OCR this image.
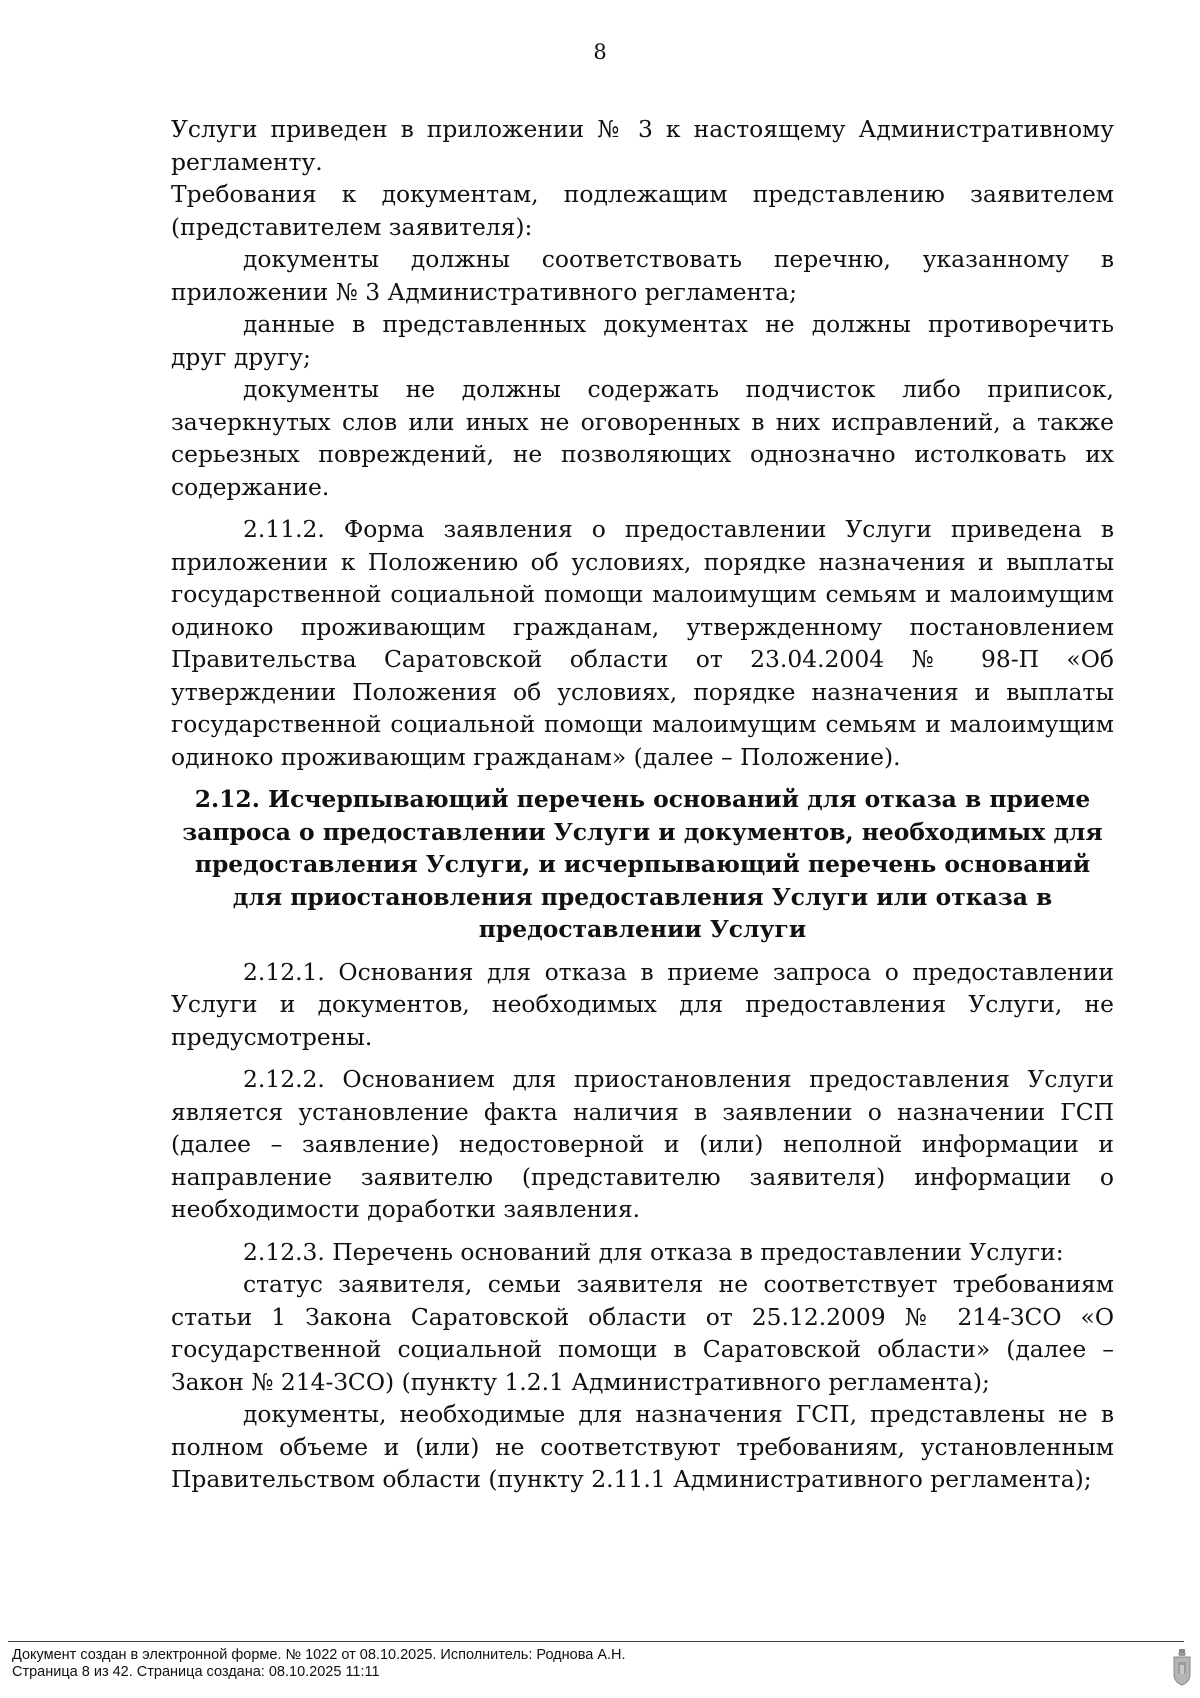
8

Услуги приведен в приложении № 3 к настоящему Административному регламенту.

Требования к документам, подлежащим представлению заявителем (представителем заявителя):

документы должны соответствовать перечню, указанному в приложении № 3 Административного регламента;

данные в представленных документах не должны противоречить друг другу;

документы не должны содержать подчисток либо приписок, зачеркнутых слов или иных не оговоренных в них исправлений, а также серьезных повреждений, не позволяющих однозначно истолковать их содержание.

2.11.2. Форма заявления о предоставлении Услуги приведена в приложении к Положению об условиях, порядке назначения и выплаты государственной социальной помощи малоимущим семьям и малоимущим одиноко проживающим гражданам, утвержденному постановлением Правительства Саратовской области от 23.04.2004 № 98-П «Об утверждении Положения об условиях, порядке назначения и выплаты государственной социальной помощи малоимущим семьям и малоимущим одиноко проживающим гражданам» (далее – Положение).

2.12. Исчерпывающий перечень оснований для отказа в приеме запроса о предоставлении Услуги и документов, необходимых для предоставления Услуги, и исчерпывающий перечень оснований для приостановления предоставления Услуги или отказа в предоставлении Услуги

2.12.1. Основания для отказа в приеме запроса о предоставлении Услуги и документов, необходимых для предоставления Услуги, не предусмотрены.

2.12.2. Основанием для приостановления предоставления Услуги является установление факта наличия в заявлении о назначении ГСП (далее – заявление) недостоверной и (или) неполной информации и направление заявителю (представителю заявителя) информации о необходимости доработки заявления.

2.12.3. Перечень оснований для отказа в предоставлении Услуги:

статус заявителя, семьи заявителя не соответствует требованиям статьи 1 Закона Саратовской области от 25.12.2009 № 214-ЗСО «О государственной социальной помощи в Саратовской области» (далее – Закон № 214-ЗСО) (пункту 1.2.1 Административного регламента);

документы, необходимые для назначения ГСП, представлены не в полном объеме и (или) не соответствуют требованиям, установленным Правительством области (пункту 2.11.1 Административного регламента);

Документ создан в электронной форме. № 1022 от 08.10.2025. Исполнитель: Роднова А.Н.
Страница 8 из 42. Страница создана: 08.10.2025 11:11
